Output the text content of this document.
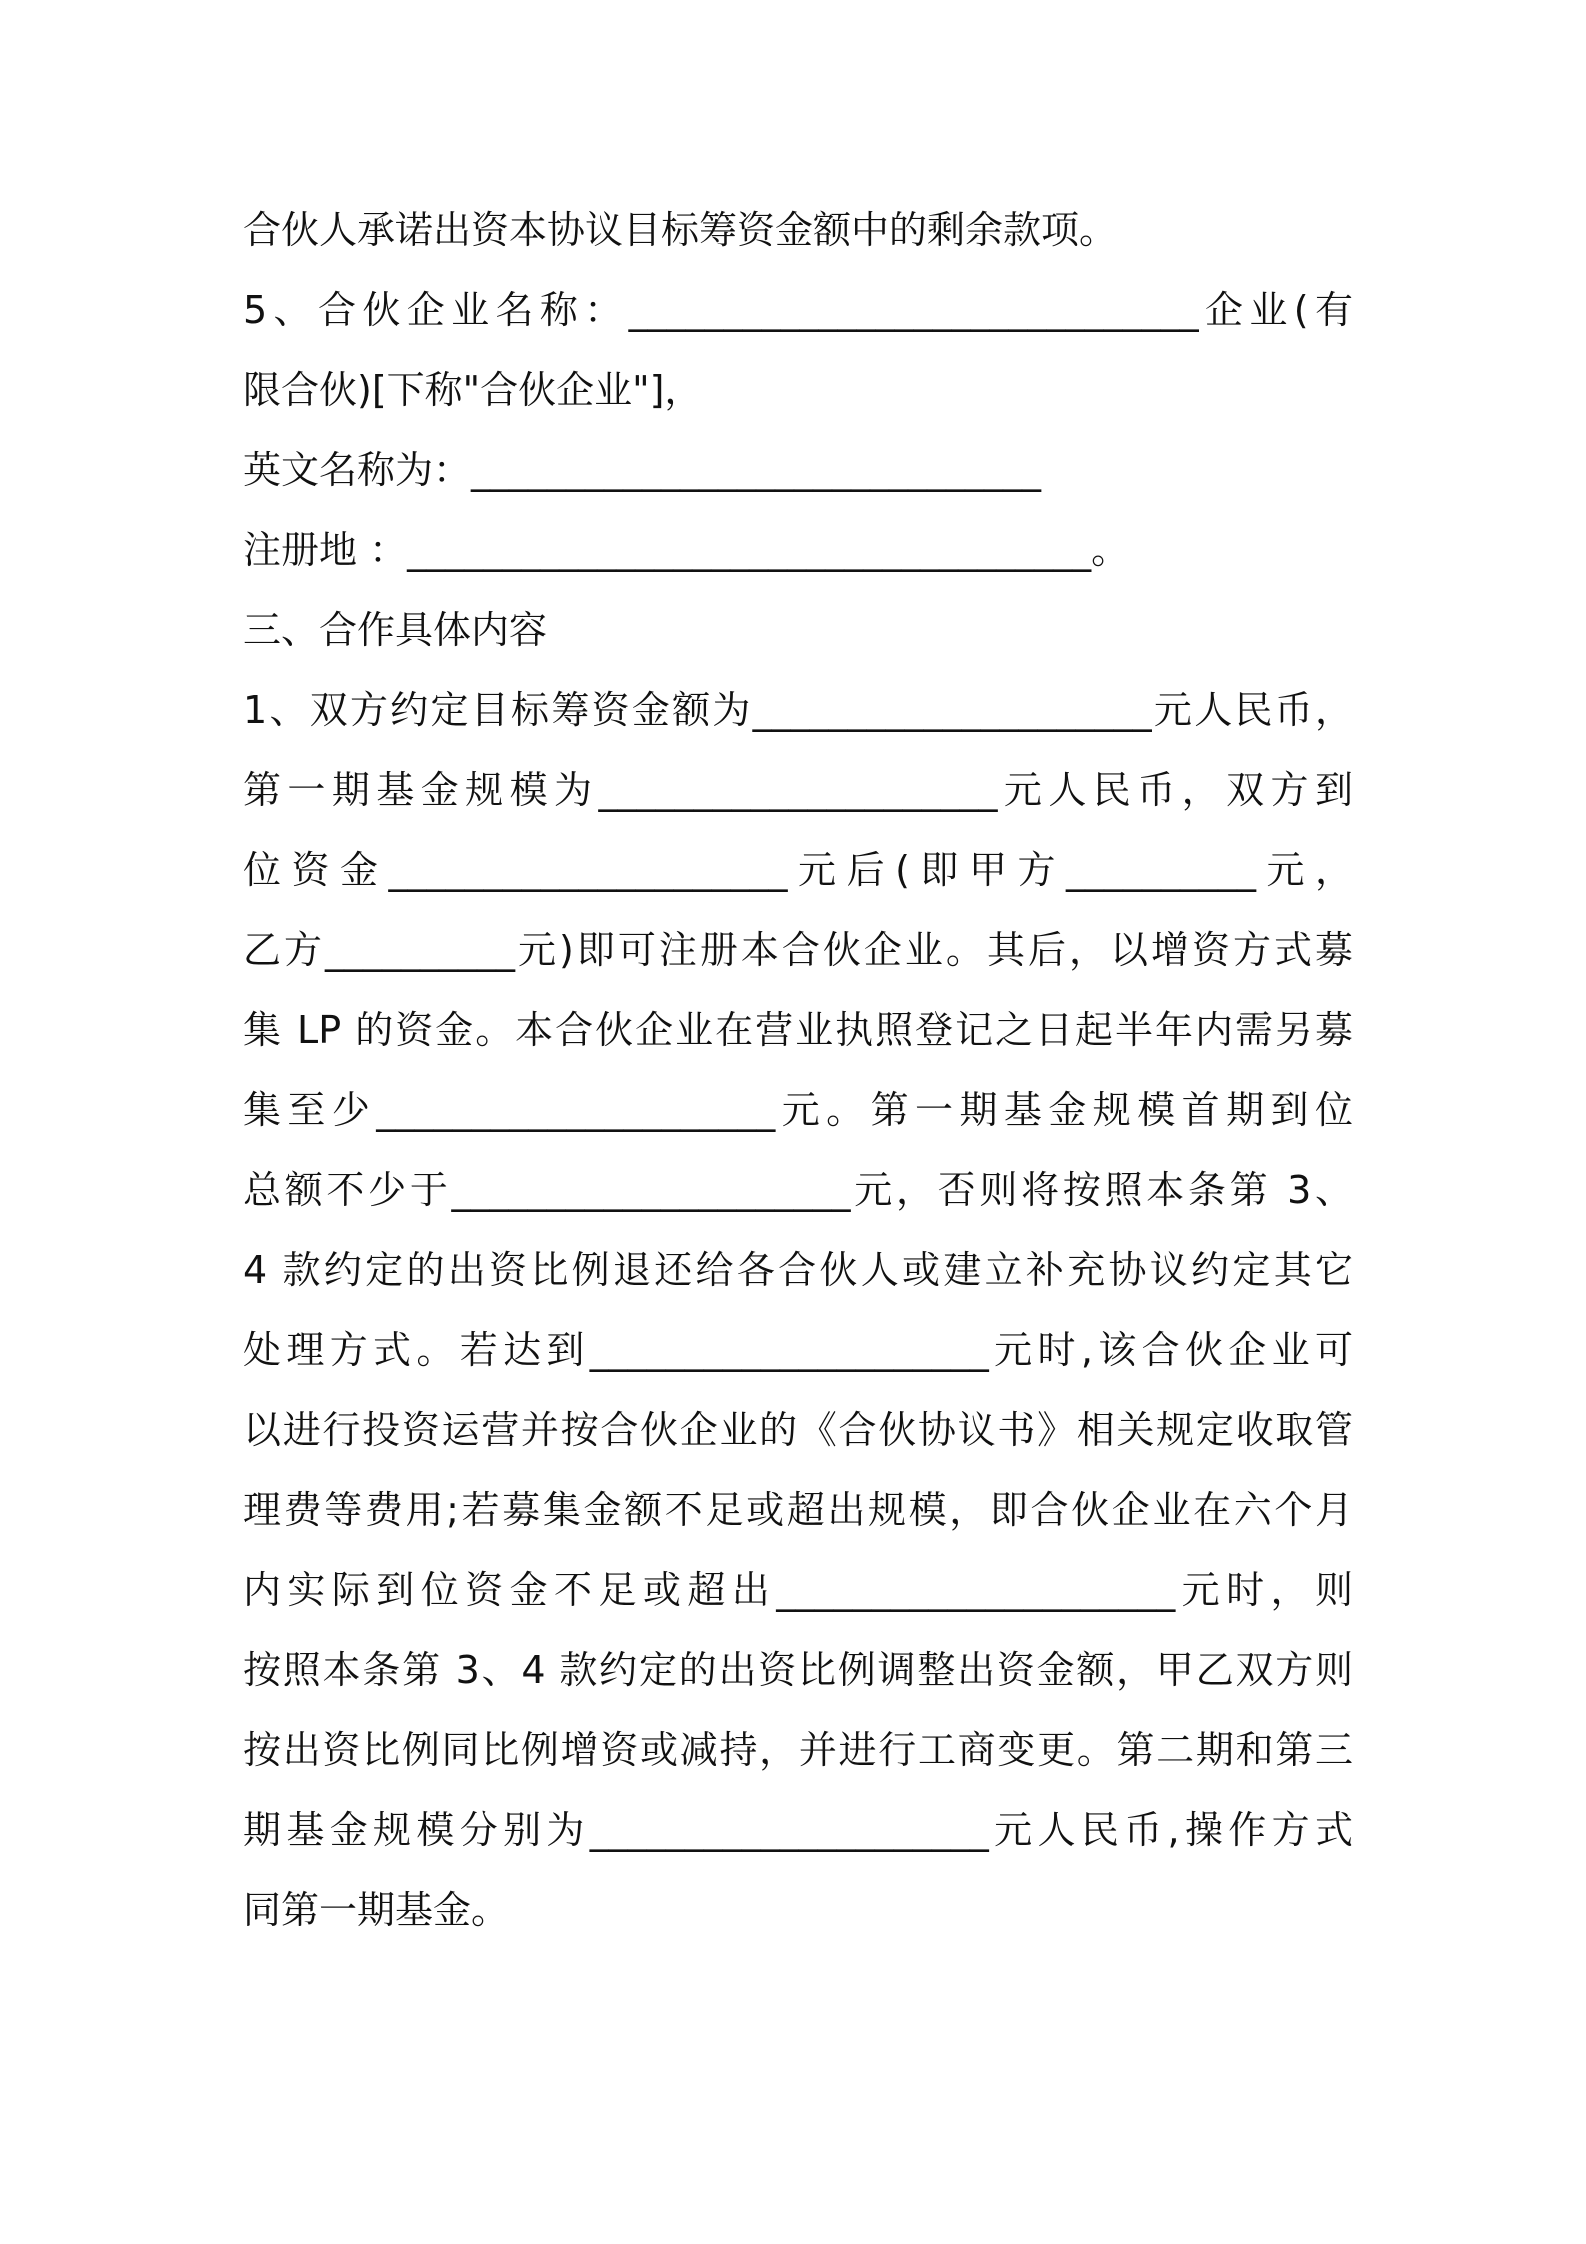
合伙人承诺出资本协议目标筹资金额中的剩余款项。
5、合伙企业名称：______________________________企业(有
限合伙)[下称"合伙企业"]，
英文名称为：______________________________
注册地 ：____________________________________。
三、合作具体内容
1、双方约定目标筹资金额为_____________________元人民币，
第一期基金规模为_____________________元人民币，双方到
位资金_____________________元后(即甲方__________元，
乙方__________元)即可注册本合伙企业。其后，以增资方式募
集 LP 的资金。本合伙企业在营业执照登记之日起半年内需另募
集至少_____________________元。第一期基金规模首期到位
总额不少于_____________________元，否则将按照本条第 3、
4 款约定的出资比例退还给各合伙人或建立补充协议约定其它
处理方式。若达到_____________________元时,该合伙企业可
以进行投资运营并按合伙企业的《合伙协议书》相关规定收取管
理费等费用;若募集金额不足或超出规模，即合伙企业在六个月
内实际到位资金不足或超出_____________________元时，则
按照本条第 3、4 款约定的出资比例调整出资金额，甲乙双方则
按出资比例同比例增资或减持，并进行工商变更。第二期和第三
期基金规模分别为_____________________元人民币,操作方式
同第一期基金。
